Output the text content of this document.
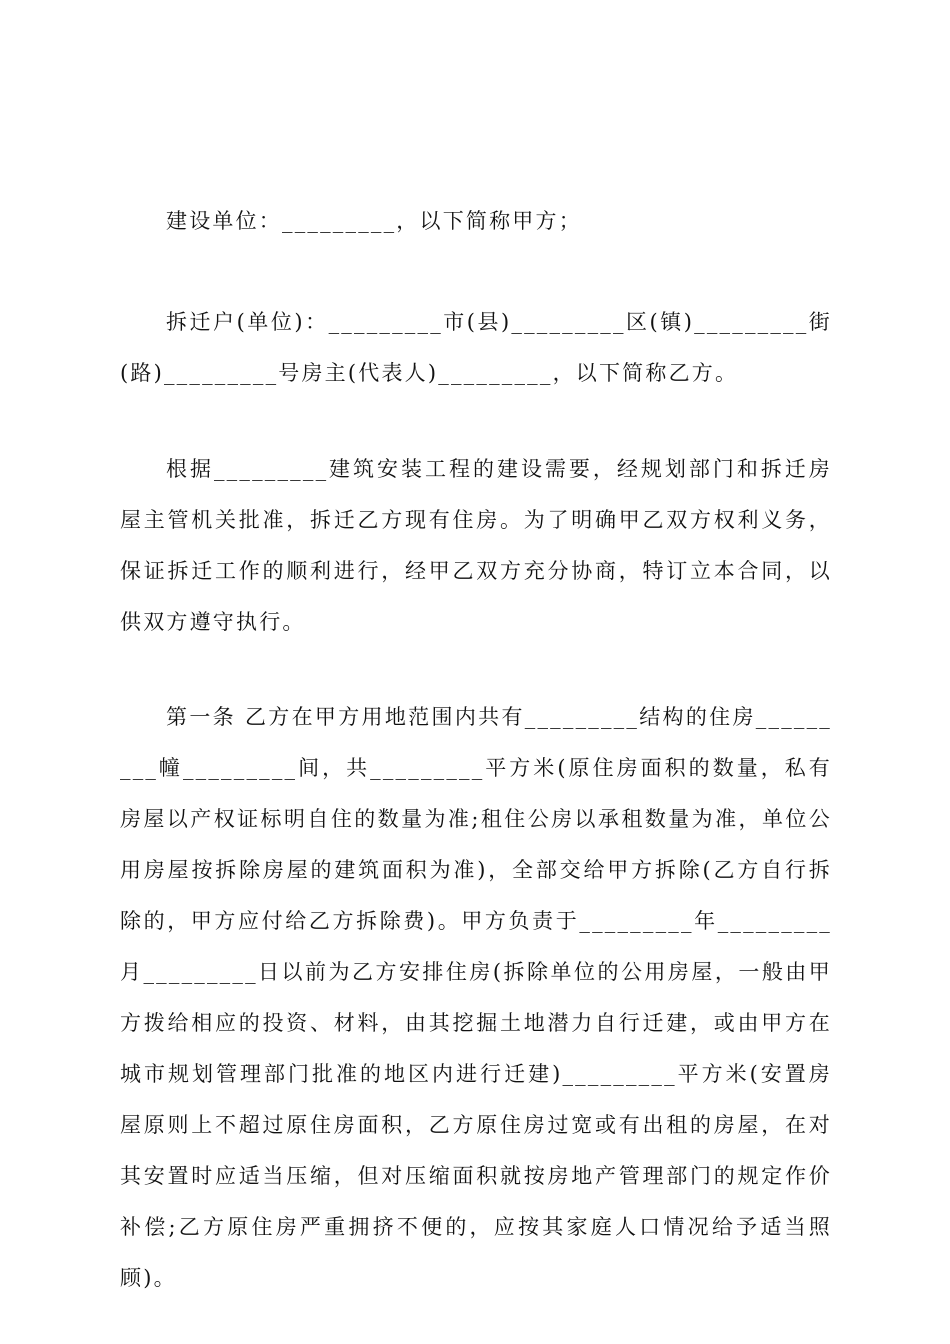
建设单位：_________，以下简称甲方；

拆迁户(单位)：_________市(县)_________区(镇)_________街(路)_________号房主(代表人)_________，以下简称乙方。

根据_________建筑安装工程的建设需要，经规划部门和拆迁房屋主管机关批准，拆迁乙方现有住房。为了明确甲乙双方权利义务，保证拆迁工作的顺利进行，经甲乙双方充分协商，特订立本合同，以供双方遵守执行。

第一条 乙方在甲方用地范围内共有_________结构的住房_________幢_________间，共_________平方米(原住房面积的数量，私有房屋以产权证标明自住的数量为准;租住公房以承租数量为准，单位公用房屋按拆除房屋的建筑面积为准)，全部交给甲方拆除(乙方自行拆除的，甲方应付给乙方拆除费)。甲方负责于_________年_________月_________日以前为乙方安排住房(拆除单位的公用房屋，一般由甲方拨给相应的投资、材料，由其挖掘土地潜力自行迁建，或由甲方在城市规划管理部门批准的地区内进行迁建)_________平方米(安置房屋原则上不超过原住房面积，乙方原住房过宽或有出租的房屋，在对其安置时应适当压缩，但对压缩面积就按房地产管理部门的规定作价补偿;乙方原住房严重拥挤不便的，应按其家庭人口情况给予适当照顾)。
